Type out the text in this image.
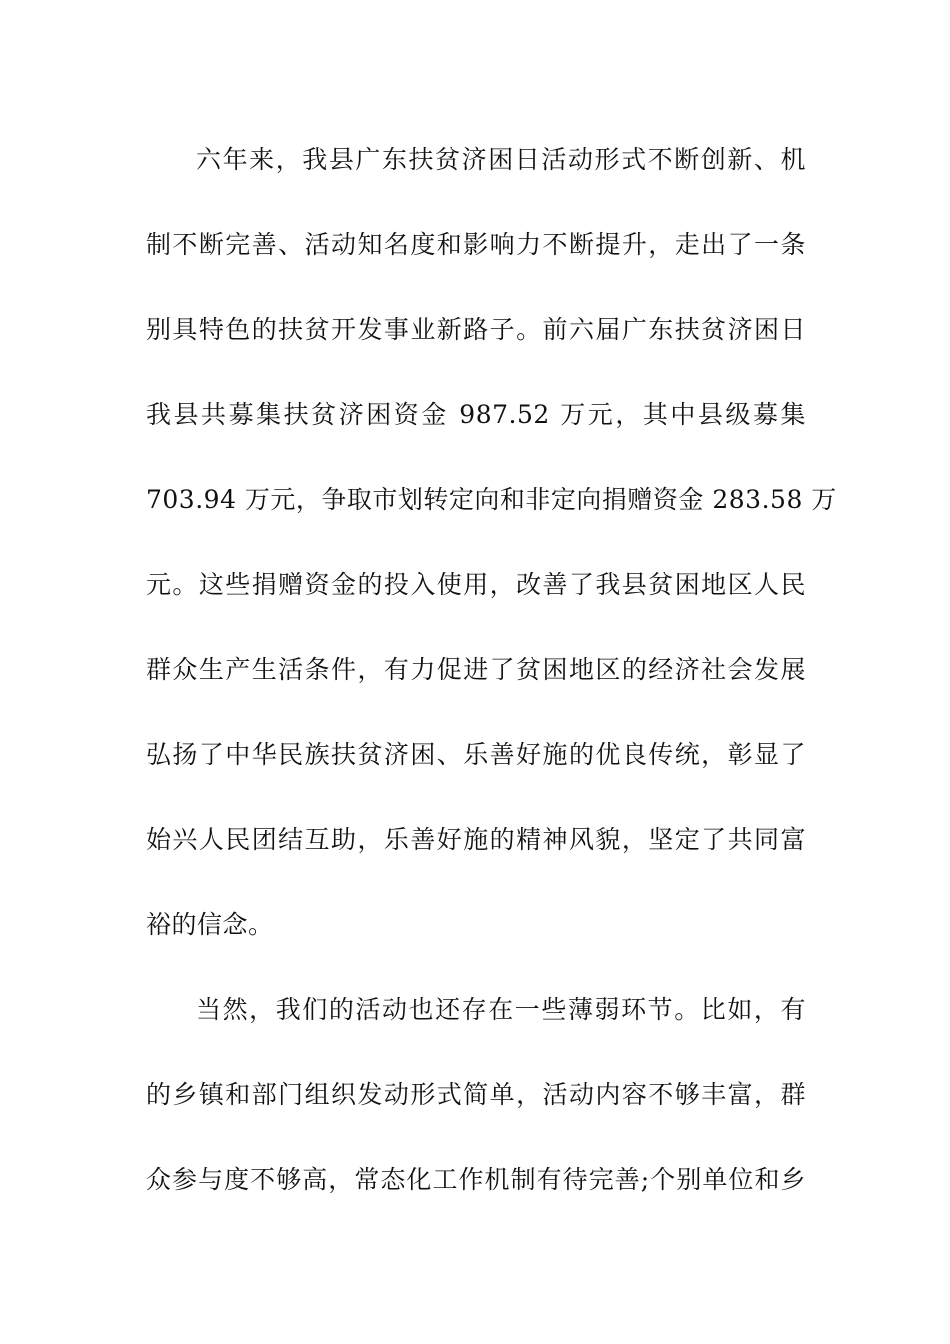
六年来，我县广东扶贫济困日活动形式不断创新、机
制不断完善、活动知名度和影响力不断提升，走出了一条
别具特色的扶贫开发事业新路子。前六届广东扶贫济困日
我县共募集扶贫济困资金 987.52 万元，其中县级募集
703.94 万元，争取市划转定向和非定向捐赠资金 283.58 万
元。这些捐赠资金的投入使用，改善了我县贫困地区人民
群众生产生活条件，有力促进了贫困地区的经济社会发展
弘扬了中华民族扶贫济困、乐善好施的优良传统，彰显了
始兴人民团结互助，乐善好施的精神风貌，坚定了共同富
裕的信念。
当然，我们的活动也还存在一些薄弱环节。比如，有
的乡镇和部门组织发动形式简单，活动内容不够丰富，群
众参与度不够高，常态化工作机制有待完善;个别单位和乡
